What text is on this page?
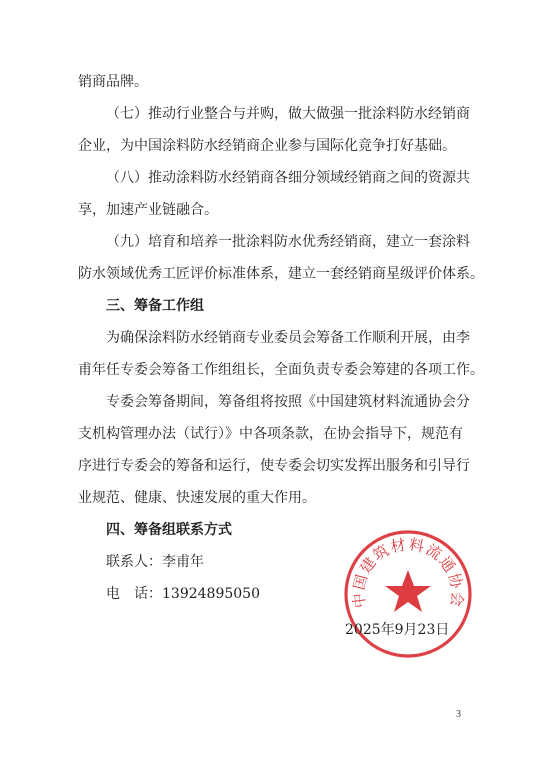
销商品牌。
（七）推动行业整合与并购，做大做强一批涂料防水经销商
企业，为中国涂料防水经销商企业参与国际化竞争打好基础。
（八）推动涂料防水经销商各细分领域经销商之间的资源共
享，加速产业链融合。
（九）培育和培养一批涂料防水优秀经销商，建立一套涂料
防水领域优秀工匠评价标准体系，建立一套经销商星级评价体系。
三、筹备工作组
为确保涂料防水经销商专业委员会筹备工作顺利开展，由李
甫年任专委会筹备工作组组长，全面负责专委会筹建的各项工作。
专委会筹备期间，筹备组将按照《中国建筑材料流通协会分
支机构管理办法（试行）》中各项条款，在协会指导下，规范有
序进行专委会的筹备和运行，使专委会切实发挥出服务和引导行
业规范、健康、快速发展的重大作用。
四、筹备组联系方式
联系人：李甫年
电　话：13924895050	中国建筑材料流通协会
2025年9月23日
3
